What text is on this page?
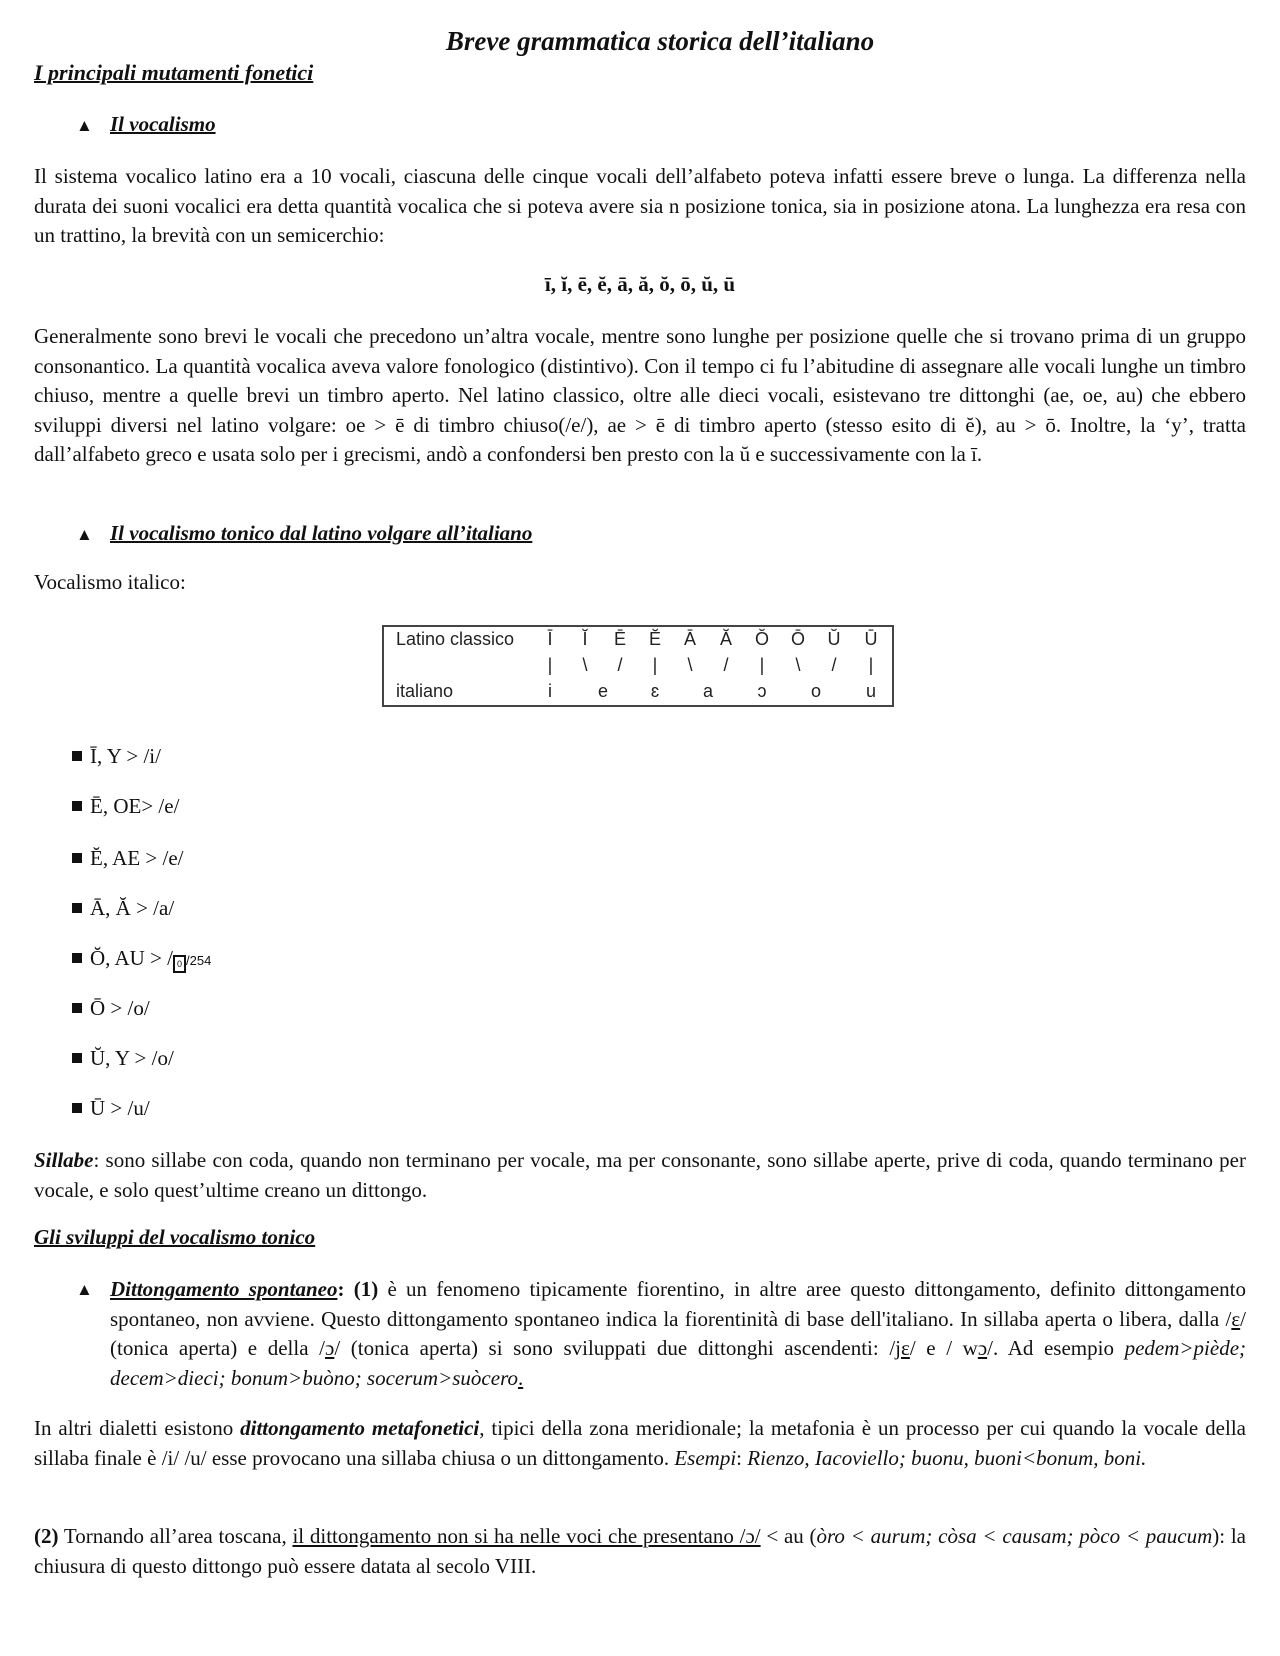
Breve grammatica storica dell’italiano
I principali mutamenti fonetici
▲ Il vocalismo
Il sistema vocalico latino era a 10 vocali, ciascuna delle cinque vocali dell’alfabeto poteva infatti essere breve o lunga. La differenza nella durata dei suoni vocalici era detta quantità vocalica che si poteva avere sia n posizione tonica, sia in posizione atona. La lunghezza era resa con un trattino, la brevità con un semicerchio:
ī, ĭ, ē, ĕ, ā, ă, ŏ, ō, ŭ, ū
Generalmente sono brevi le vocali che precedono un’altra vocale, mentre sono lunghe per posizione quelle che si trovano prima di un gruppo consonantico. La quantità vocalica aveva valore fonologico (distintivo). Con il tempo ci fu l’abitudine di assegnare alle vocali lunghe un timbro chiuso, mentre a quelle brevi un timbro aperto. Nel latino classico, oltre alle dieci vocali, esistevano tre dittonghi (ae, oe, au) che ebbero sviluppi diversi nel latino volgare: oe > ē di timbro chiuso(/e/), ae > ē di timbro aperto (stesso esito di ĕ), au > ō. Inoltre, la ‘y’, tratta dall’alfabeto greco e usata solo per i grecismi, andò a confondersi ben presto con la ŭ e successivamente con la ī.
▲ Il vocalismo tonico dal latino volgare all’italiano
Vocalismo italico:
Latino classico	Ī	Ĭ	Ē	Ĕ	Ā	Ă	Ŏ	Ō	Ŭ	Ū
|	\	/	|	\	/	|	\	/	|
italiano	i	e	ɛ	a	ɔ	o	u
Ī, Y > /i/
Ē, OE> /e/
Ĕ, AE > /e/
Ā, Ă > /a/
Ŏ, AU > / 0 /254
Ō > /o/
Ŭ, Y > /o/
Ū > /u/
Sillabe: sono sillabe con coda, quando non terminano per vocale, ma per consonante, sono sillabe aperte, prive di coda, quando terminano per vocale, e solo quest’ultime creano un dittongo.
Gli sviluppi del vocalismo tonico
▲ Dittongamento spontaneo: (1) è un fenomeno tipicamente fiorentino, in altre aree questo dittongamento, definito dittongamento spontaneo, non avviene. Questo dittongamento spontaneo indica la fiorentinità di base dell'italiano. In sillaba aperta o libera, dalla /ɛ/ (tonica aperta) e della /ɔ/ (tonica aperta) si sono sviluppati due dittonghi ascendenti: /jɛ/ e / wɔ/. Ad esempio pedem>piède; decem>dieci; bonum>buòno; socerum>suòcero.
In altri dialetti esistono dittongamento metafonetici, tipici della zona meridionale; la metafonia è un processo per cui quando la vocale della sillaba finale è /i/ /u/ esse provocano una sillaba chiusa o un dittongamento. Esempi: Rienzo, Iacoviello; buonu, buoni<bonum, boni.
(2) Tornando all’area toscana, il dittongamento non si ha nelle voci che presentano /ɔ/ < au (òro < aurum; còsa < causam; pòco < paucum): la chiusura di questo dittongo può essere datata al secolo VIII.
